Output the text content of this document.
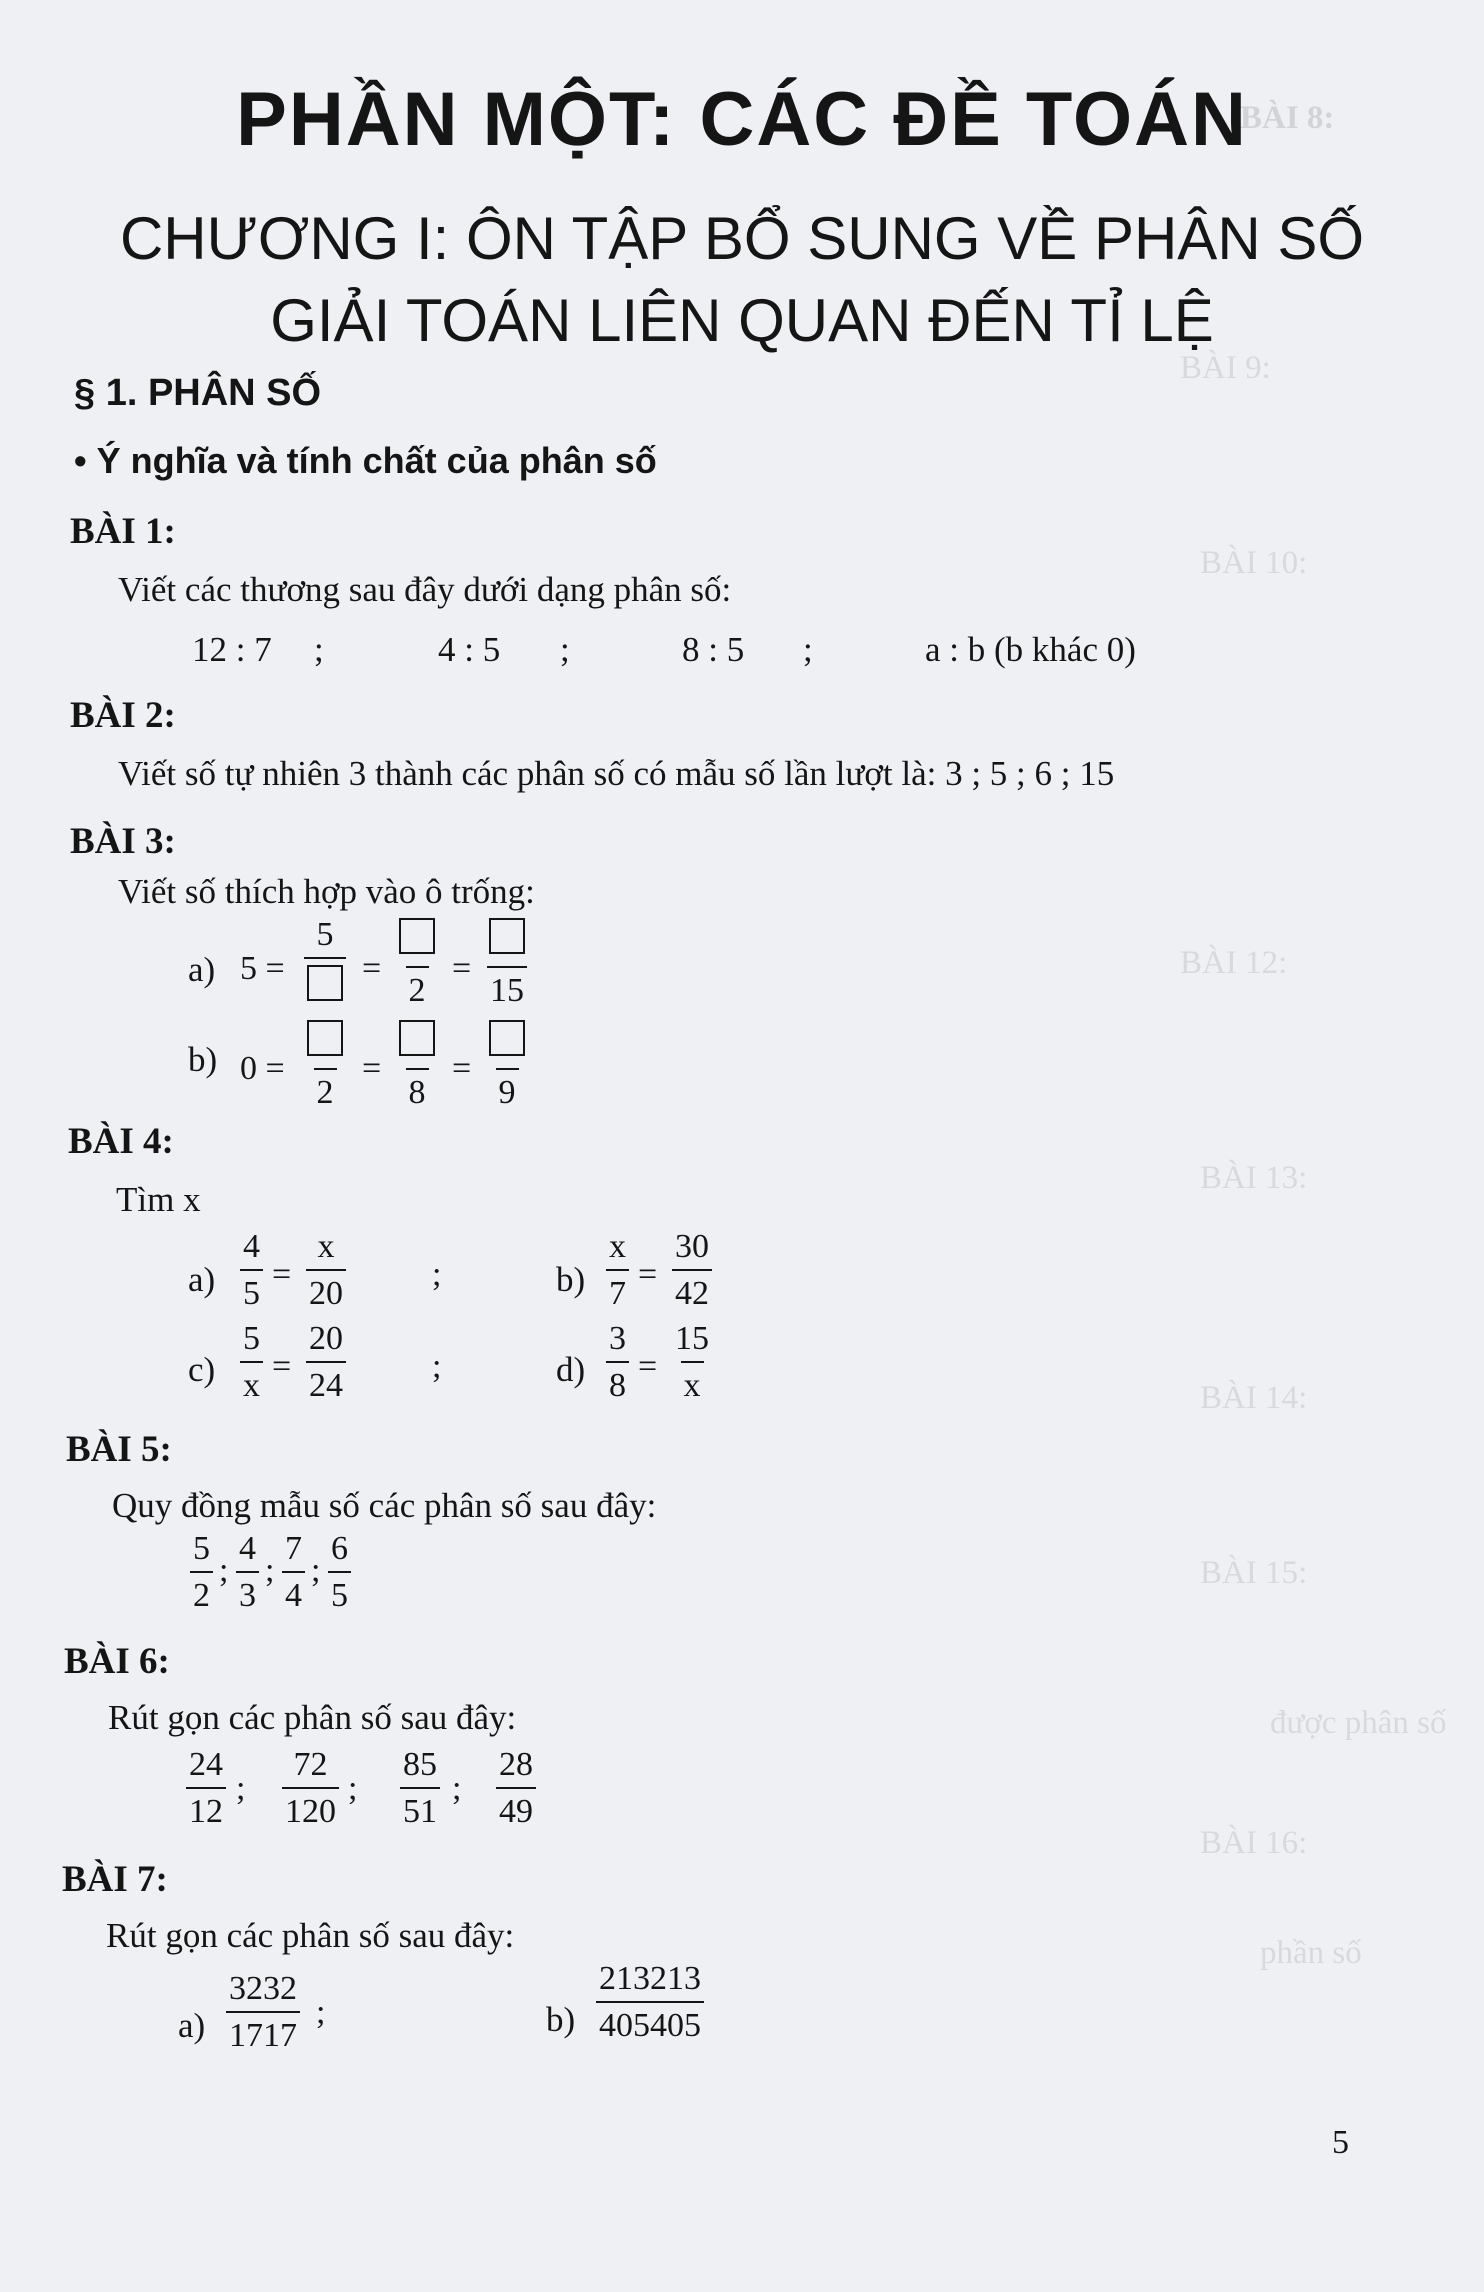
BÀI 8:
BÀI 9:
BÀI 10:
BÀI 12:
BÀI 13:
BÀI 14:
BÀI 15:
BÀI 16:
được phân số
phần số
PHẦN MỘT: CÁC ĐỀ TOÁN
CHƯƠNG I: ÔN TẬP BỔ SUNG VỀ PHÂN SỐ
GIẢI TOÁN LIÊN QUAN ĐẾN TỈ LỆ
§ 1. PHÂN SỐ
• Ý nghĩa và tính chất của phân số
BÀI 1:
Viết các thương sau đây dưới dạng phân số:
12 : 7 ;	4 : 5 ;	8 : 5 ;	a : b (b khác 0)
BÀI 2:
Viết số tự nhiên 3 thành các phân số có mẫu số lần lượt là: 3 ; 5 ; 6 ; 15
BÀI 3:
Viết số thích hợp vào ô trống:
a) 5 =
5
=
2
=
15
b) 0 =
2
=
8
=
9
BÀI 4:
Tìm x
$a) \frac{4}{5} = \frac{x}{20}$	;	$b) \frac{x}{7} = \frac{30}{42}$
$c) \frac{5}{x} = \frac{20}{24}$	;	$d) \frac{3}{8} = \frac{15}{x}$
BÀI 5:
Quy đồng mẫu số các phân số sau đây:
$\frac{5}{2}$ ; $\frac{4}{3}$ ; $\frac{7}{4}$ ; $\frac{6}{5}$
BÀI 6:
Rút gọn các phân số sau đây:
$\frac{24}{12}$ ; $\frac{72}{120}$ ; $\frac{85}{51}$ ; $\frac{28}{49}$
BÀI 7:
Rút gọn các phân số sau đây:
$a) \frac{3232}{1717}$ ;	$b) \frac{213213}{405405}$
5
